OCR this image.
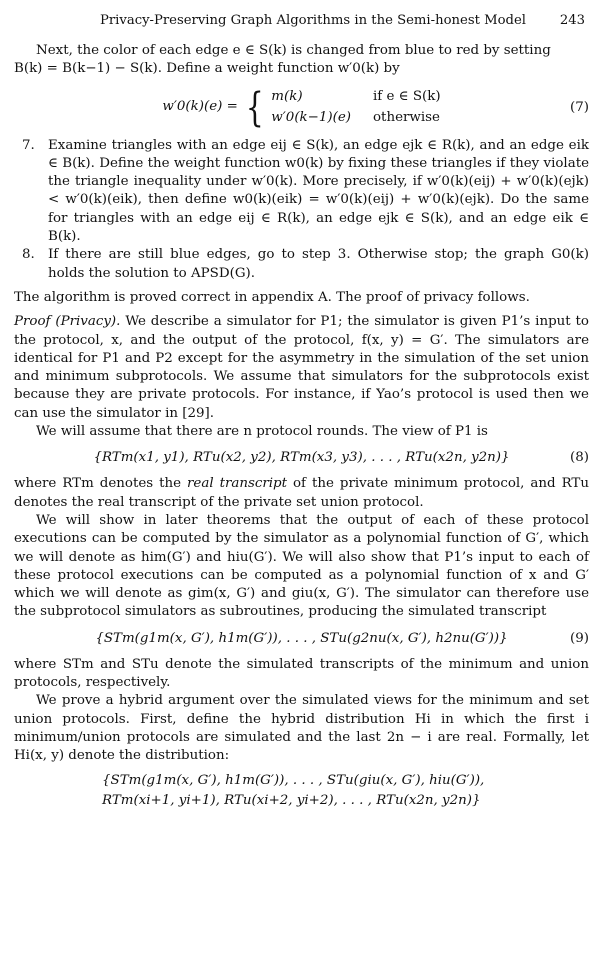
Privacy-Preserving Graph Algorithms in the Semi-honest Model	243

Next, the color of each edge e ∈ S(k) is changed from blue to red by setting

B(k) = B(k−1) − S(k). Define a weight function w′0(k) by

w′0(k)(e) = { m(k)	if e ∈ S(k)
w′0(k−1)(e) otherwise
(7)
7. Examine triangles with an edge eij ∈ S(k), an edge ejk ∈ R(k), and an edge eik ∈ B(k). Define the weight function w0(k) by fixing these triangles if they violate the triangle inequality under w′0(k). More precisely, if w′0(k)(eij) + w′0(k)(ejk) < w′0(k)(eik), then define w0(k)(eik) = w′0(k)(eij) + w′0(k)(ejk). Do the same for triangles with an edge eij ∈ R(k), an edge ejk ∈ S(k), and an edge eik ∈ B(k).
8. If there are still blue edges, go to step 3. Otherwise stop; the graph G0(k) holds the solution to APSD(G).

The algorithm is proved correct in appendix A. The proof of privacy follows.

Proof (Privacy). We describe a simulator for P1; the simulator is given P1’s input to the protocol, x, and the output of the protocol, f(x, y) = G′. The simulators are identical for P1 and P2 except for the asymmetry in the simulation of the set union and minimum subprotocols. We assume that simulators for the subprotocols exist because they are private protocols. For instance, if Yao’s protocol is used then we can use the simulator in [29].

We will assume that there are n protocol rounds. The view of P1 is

{RTm(x1, y1), RTu(x2, y2), RTm(x3, y3), . . . , RTu(x2n, y2n)}	(8)

where RTm denotes the real transcript of the private minimum protocol, and RTu denotes the real transcript of the private set union protocol.

We will show in later theorems that the output of each of these protocol executions can be computed by the simulator as a polynomial function of G′, which we will denote as him(G′) and hiu(G′). We will also show that P1’s input to each of these protocol executions can be computed as a polynomial function of x and G′ which we will denote as gim(x, G′) and giu(x, G′). The simulator can therefore use the subprotocol simulators as subroutines, producing the simulated transcript

{STm(g1m(x, G′), h1m(G′)), . . . , STu(g2nu(x, G′), h2nu(G′))}	(9)

where STm and STu denote the simulated transcripts of the minimum and union protocols, respectively.

We prove a hybrid argument over the simulated views for the minimum and set union protocols. First, define the hybrid distribution Hi in which the first i minimum/union protocols are simulated and the last 2n − i are real. Formally, let Hi(x, y) denote the distribution:

{STm(g1m(x, G′), h1m(G′)), . . . , STu(giu(x, G′), hiu(G′)),
RTm(xi+1, yi+1), RTu(xi+2, yi+2), . . . , RTu(x2n, y2n)}
